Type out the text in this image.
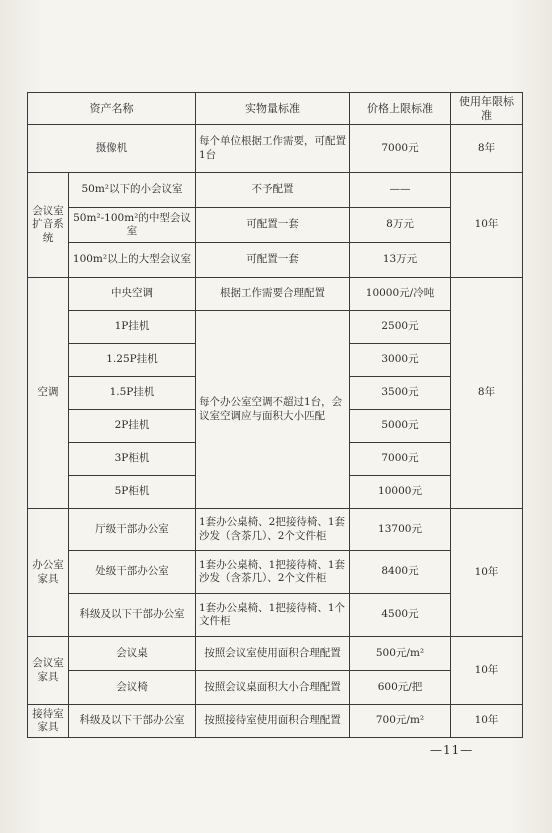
资产名称		实物量标准	价格上限标准	使用年限标准
摄像机		每个单位根据工作需要，可配置1台	7000元	8年
会议室扩音系统	50m²以下的小会议室	不予配置	——	10年
	50m²-100m²的中型会议室	可配置一套	8万元	
	100m²以上的大型会议室	可配置一套	13万元	
空调	中央空调	根据工作需要合理配置	10000元/冷吨	8年
	1P挂机	每个办公室空调不超过1台，会议室空调应与面积大小匹配	2500元	
	1.25P挂机		3000元	
	1.5P挂机		3500元	
	2P挂机		5000元	
	3P柜机		7000元	
	5P柜机		10000元	
办公室家具	厅级干部办公室	1套办公桌椅、2把接待椅、1套沙发（含茶几）、2个文件柜	13700元	10年
	处级干部办公室	1套办公桌椅、1把接待椅、1套沙发（含茶几）、2个文件柜	8400元	
	科级及以下干部办公室	1套办公桌椅、1把接待椅、1个文件柜	4500元	
会议室家具	会议桌	按照会议室使用面积合理配置	500元/m²	10年
	会议椅	按照会议桌面积大小合理配置	600元/把	
接待室家具	科级及以下干部办公室	按照接待室使用面积合理配置	700元/m²	10年
—11—
